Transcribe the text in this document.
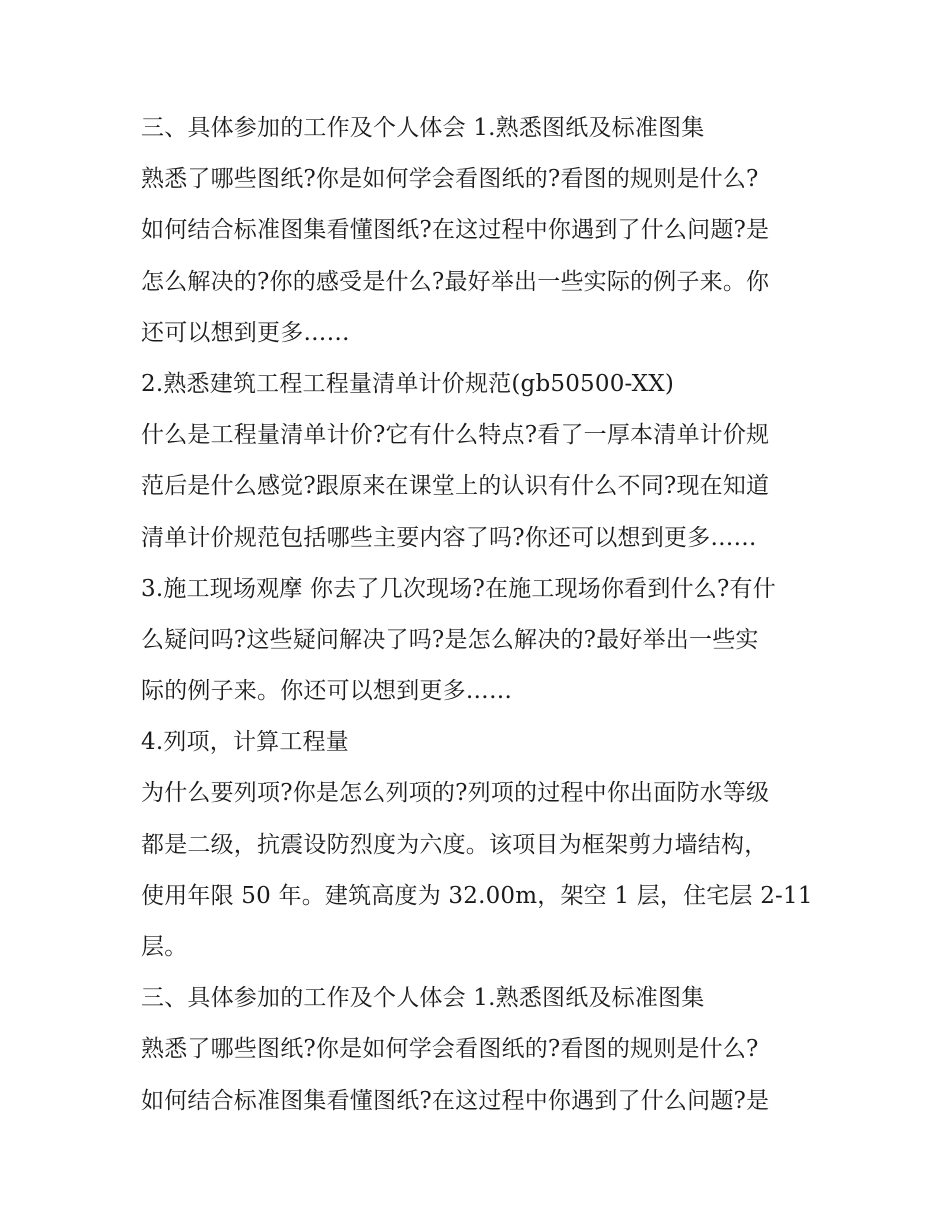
三、具体参加的工作及个人体会 1.熟悉图纸及标准图集
熟悉了哪些图纸?你是如何学会看图纸的?看图的规则是什么?
如何结合标准图集看懂图纸?在这过程中你遇到了什么问题?是
怎么解决的?你的感受是什么?最好举出一些实际的例子来。你
还可以想到更多……
2.熟悉建筑工程工程量清单计价规范(gb50500-XX)
什么是工程量清单计价?它有什么特点?看了一厚本清单计价规
范后是什么感觉?跟原来在课堂上的认识有什么不同?现在知道
清单计价规范包括哪些主要内容了吗?你还可以想到更多……
3.施工现场观摩 你去了几次现场?在施工现场你看到什么?有什
么疑问吗?这些疑问解决了吗?是怎么解决的?最好举出一些实
际的例子来。你还可以想到更多……
4.列项，计算工程量
为什么要列项?你是怎么列项的?列项的过程中你出面防水等级
都是二级，抗震设防烈度为六度。该项目为框架剪力墙结构，
使用年限 50 年。建筑高度为 32.00m，架空 1 层，住宅层 2-11
层。
三、具体参加的工作及个人体会 1.熟悉图纸及标准图集
熟悉了哪些图纸?你是如何学会看图纸的?看图的规则是什么?
如何结合标准图集看懂图纸?在这过程中你遇到了什么问题?是
